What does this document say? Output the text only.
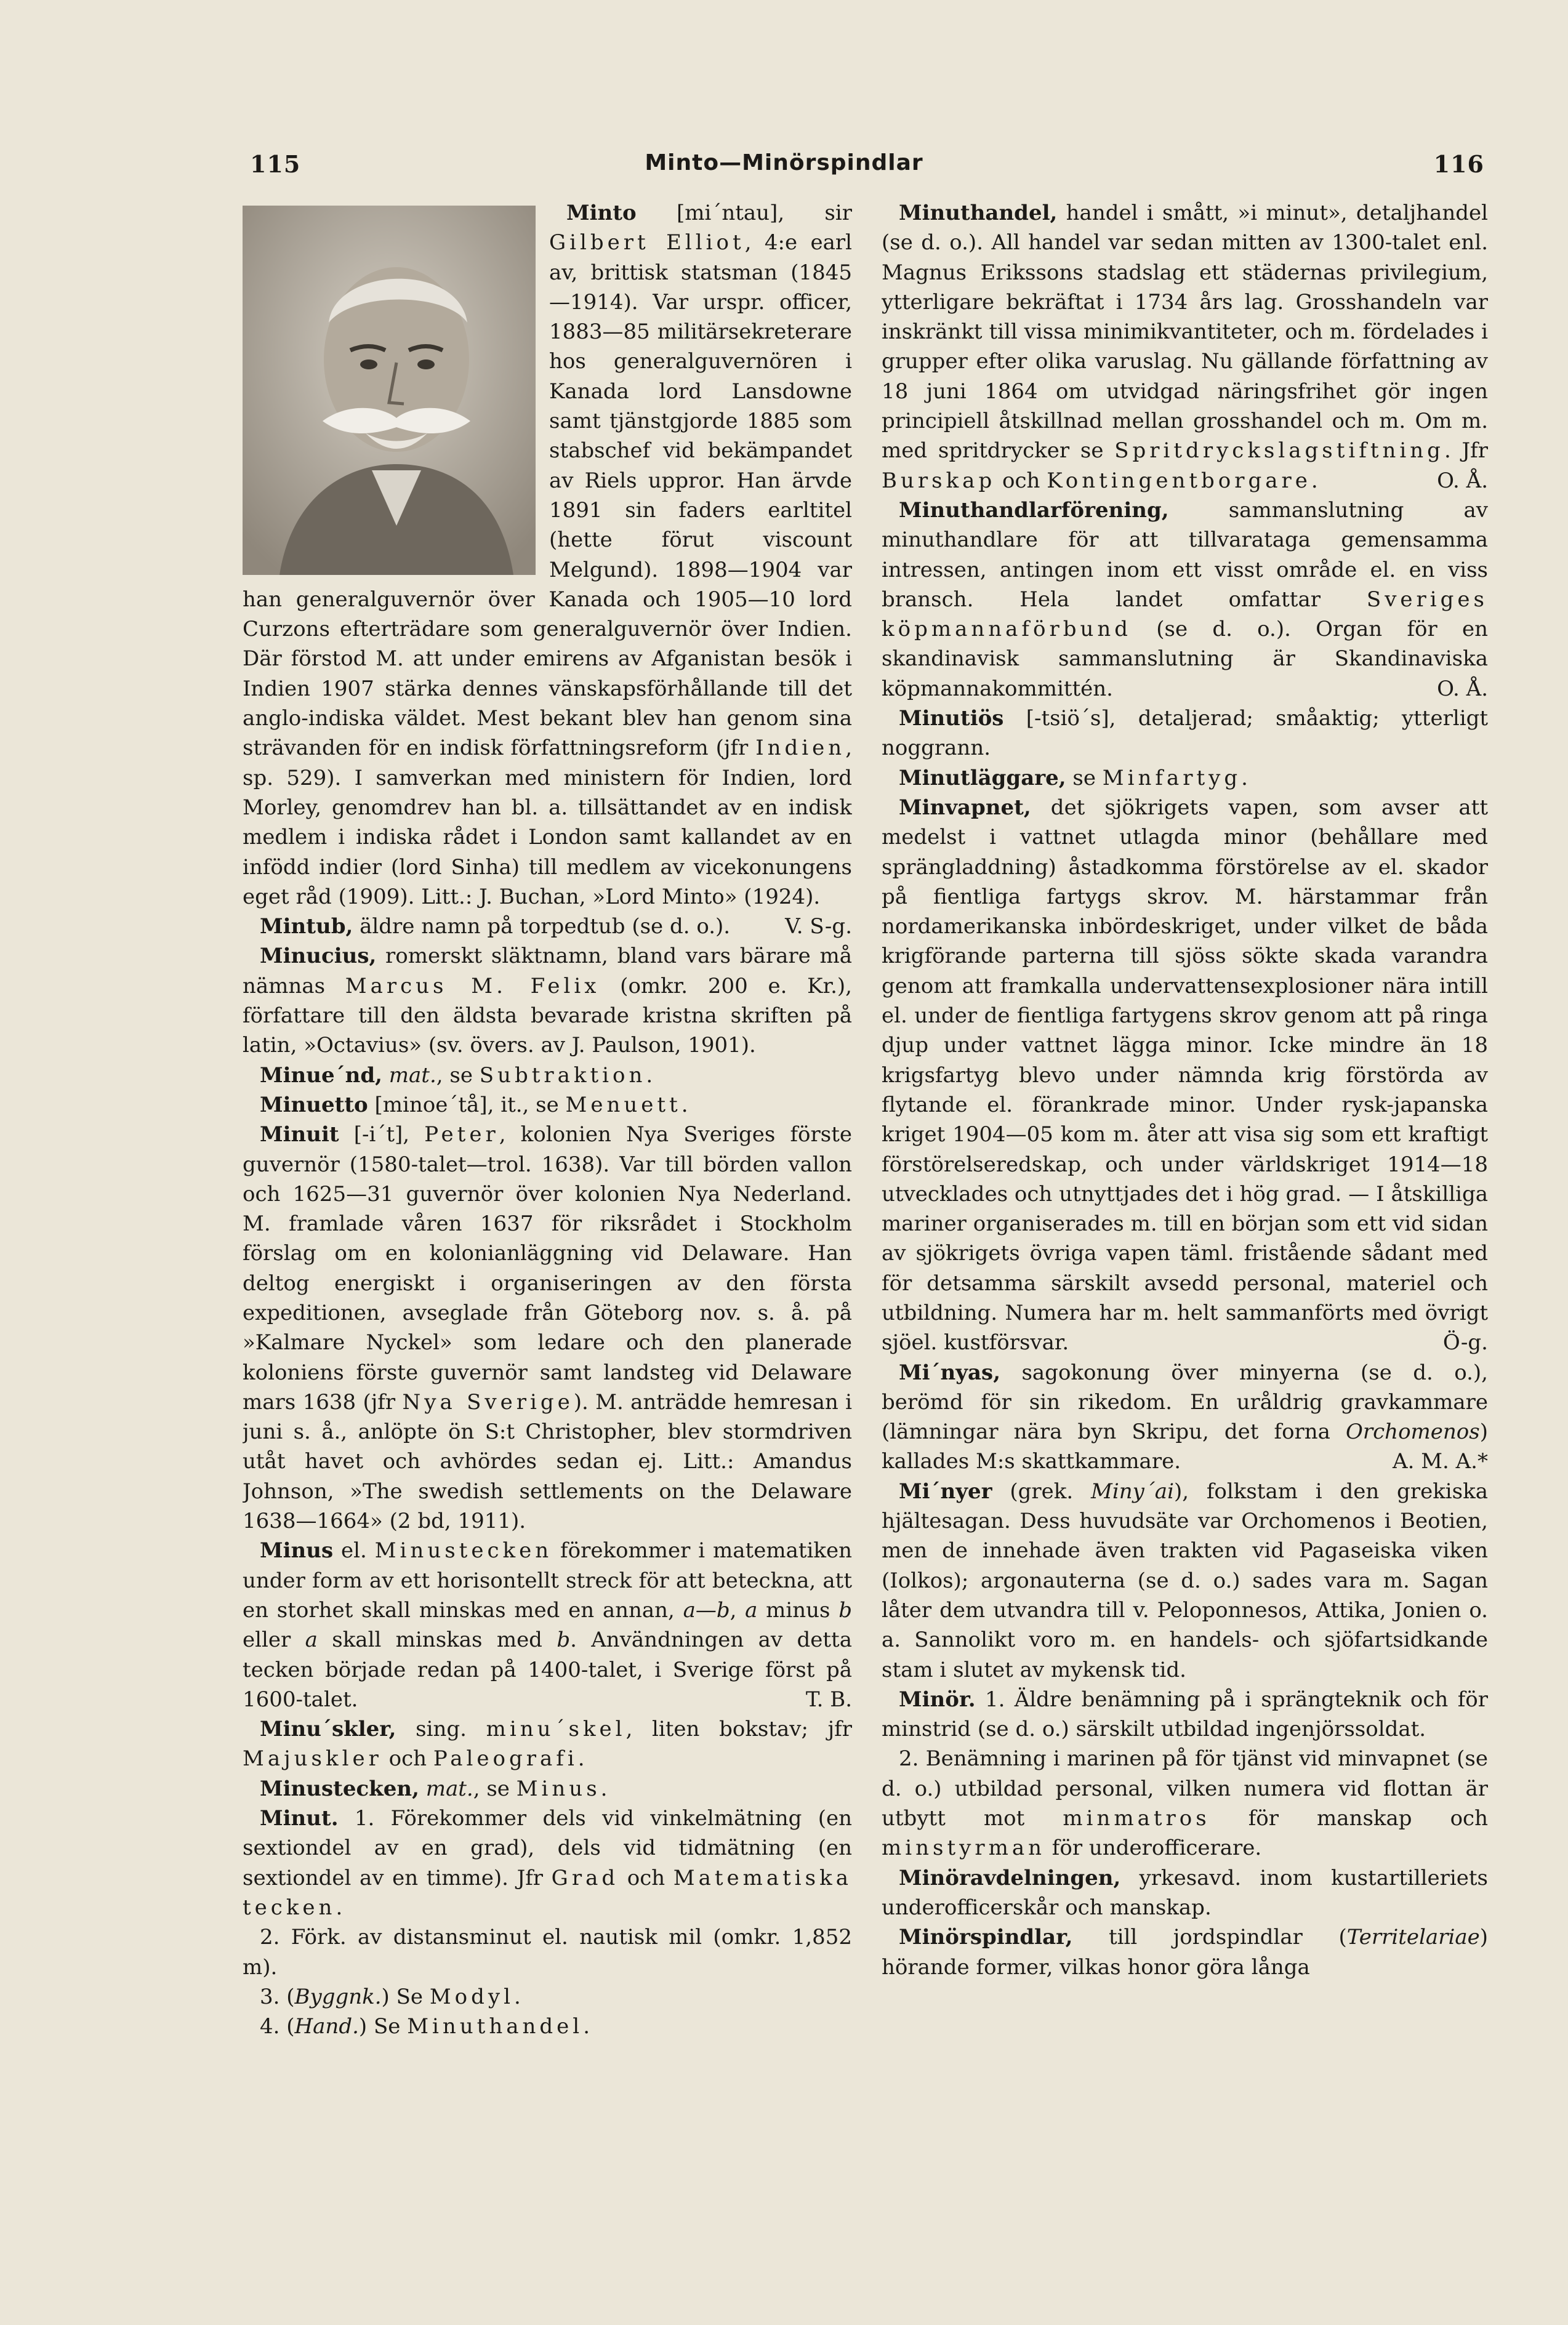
115	Minto—Minörspindlar	116

Minto [mi´ntau], sir Gilbert Elliot, 4:e earl av, brittisk statsman (1845—1914). Var urspr. officer, 1883—85 militärsekreterare hos generalguvernören i Kanada lord Lansdowne samt tjänstgjorde 1885 som stabschef vid bekämpandet av Riels uppror. Han ärvde 1891 sin faders earltitel (hette förut viscount Melgund). 1898—1904 var han generalguvernör över Kanada och 1905—10 lord Curzons efterträdare som generalguvernör över Indien. Där förstod M. att under emirens av Afganistan besök i Indien 1907 stärka dennes vänskapsförhållande till det anglo-indiska väldet. Mest bekant blev han genom sina strävanden för en indisk författningsreform (jfr Indien, sp. 529). I samverkan med ministern för Indien, lord Morley, genomdrev han bl. a. tillsättandet av en indisk medlem i indiska rådet i London samt kallandet av en infödd indier (lord Sinha) till medlem av vicekonungens eget råd (1909). Litt.: J. Buchan, »Lord Minto» (1924).
V. S-g.

Mintub, äldre namn på torpedtub (se d. o.).

Minucius, romerskt släktnamn, bland vars bärare må nämnas Marcus M. Felix (omkr. 200 e. Kr.), författare till den äldsta bevarade kristna skriften på latin, »Octavius» (sv. övers. av J. Paulson, 1901).

Minue´nd, mat., se Subtraktion.

Minuetto [minoe´tå], it., se Menuett.

Minuit [-i´t], Peter, kolonien Nya Sveriges förste guvernör (1580-talet—trol. 1638). Var till börden vallon och 1625—31 guvernör över kolonien Nya Nederland. M. framlade våren 1637 för riksrådet i Stockholm förslag om en kolonianläggning vid Delaware. Han deltog energiskt i organiseringen av den första expeditionen, avseglade från Göteborg nov. s. å. på »Kalmare Nyckel» som ledare och den planerade koloniens förste guvernör samt landsteg vid Delaware mars 1638 (jfr Nya Sverige). M. anträdde hemresan i juni s. å., anlöpte ön S:t Christopher, blev stormdriven utåt havet och avhördes sedan ej. Litt.: Amandus Johnson, »The swedish settlements on the Delaware 1638—1664» (2 bd, 1911).

Minus el. Minustecken förekommer i matematiken under form av ett horisontellt streck för att beteckna, att en storhet skall minskas med en annan, a—b, a minus b eller a skall minskas med b. Användningen av detta tecken började redan på 1400-talet, i Sverige först på 1600-talet.	T. B.

Minu´skler, sing. minu´skel, liten bokstav; jfr Majuskler och Paleografi.

Minustecken, mat., se Minus.

Minut. 1. Förekommer dels vid vinkelmätning (en sextiondel av en grad), dels vid tidmätning (en sextiondel av en timme). Jfr Grad och Matematiska tecken.

2. Förk. av distansminut el. nautisk mil (omkr. 1,852 m).

3. (Byggnk.) Se Modyl.

4. (Hand.) Se Minuthandel.

Minuthandel, handel i smått, »i minut», detaljhandel (se d. o.). All handel var sedan mitten av 1300-talet enl. Magnus Erikssons stadslag ett städernas privilegium, ytterligare bekräftat i 1734 års lag. Grosshandeln var inskränkt till vissa minimikvantiteter, och m. fördelades i grupper efter olika varuslag. Nu gällande författning av 18 juni 1864 om utvidgad näringsfrihet gör ingen principiell åtskillnad mellan grosshandel och m. Om m. med spritdrycker se Spritdryckslagstiftning. Jfr Burskap och Kontingentborgare.	O. Å.

Minuthandlarförening, sammanslutning av minuthandlare för att tillvarataga gemensamma intressen, antingen inom ett visst område el. en viss bransch. Hela landet omfattar Sveriges köpmannaförbund (se d. o.). Organ för en skandinavisk sammanslutning är Skandinaviska köpmannakommittén.	O. Å.

Minutiös [-tsiö´s], detaljerad; småaktig; ytterligt noggrann.

Minutläggare, se Minfartyg.

Minvapnet, det sjökrigets vapen, som avser att medelst i vattnet utlagda minor (behållare med sprängladdning) åstadkomma förstörelse av el. skador på fientliga fartygs skrov. M. härstammar från nordamerikanska inbördeskriget, under vilket de båda krigförande parterna till sjöss sökte skada varandra genom att framkalla undervattensexplosioner nära intill el. under de fientliga fartygens skrov genom att på ringa djup under vattnet lägga minor. Icke mindre än 18 krigsfartyg blevo under nämnda krig förstörda av flytande el. förankrade minor. Under rysk-japanska kriget 1904—05 kom m. åter att visa sig som ett kraftigt förstörelseredskap, och under världskriget 1914—18 utvecklades och utnyttjades det i hög grad. — I åtskilliga mariner organiserades m. till en början som ett vid sidan av sjökrigets övriga vapen täml. fristående sådant med för detsamma särskilt avsedd personal, materiel och utbildning. Numera har m. helt sammanförts med övrigt sjöel. kustförsvar.	Ö-g.

Mi´nyas, sagokonung över minyerna (se d. o.), berömd för sin rikedom. En uråldrig gravkammare (lämningar nära byn Skripu, det forna Orchomenos) kallades M:s skattkammare.	A. M. A.*

Mi´nyer (grek. Miny´ai), folkstam i den grekiska hjältesagan. Dess huvudsäte var Orchomenos i Beotien, men de innehade även trakten vid Pagaseiska viken (Iolkos); argonauterna (se d. o.) sades vara m. Sagan låter dem utvandra till v. Peloponnesos, Attika, Jonien o. a. Sannolikt voro m. en handels- och sjöfartsidkande stam i slutet av mykensk tid.

Minör. 1. Äldre benämning på i sprängteknik och för minstrid (se d. o.) särskilt utbildad ingenjörssoldat.

2. Benämning i marinen på för tjänst vid minvapnet (se d. o.) utbildad personal, vilken numera vid flottan är utbytt mot minmatros för manskap och minstyrman för underofficerare.

Minöravdelningen, yrkesavd. inom kustartilleriets underofficerskår och manskap.

Minörspindlar, till jordspindlar (Territelariae) hörande former, vilkas honor göra långa
